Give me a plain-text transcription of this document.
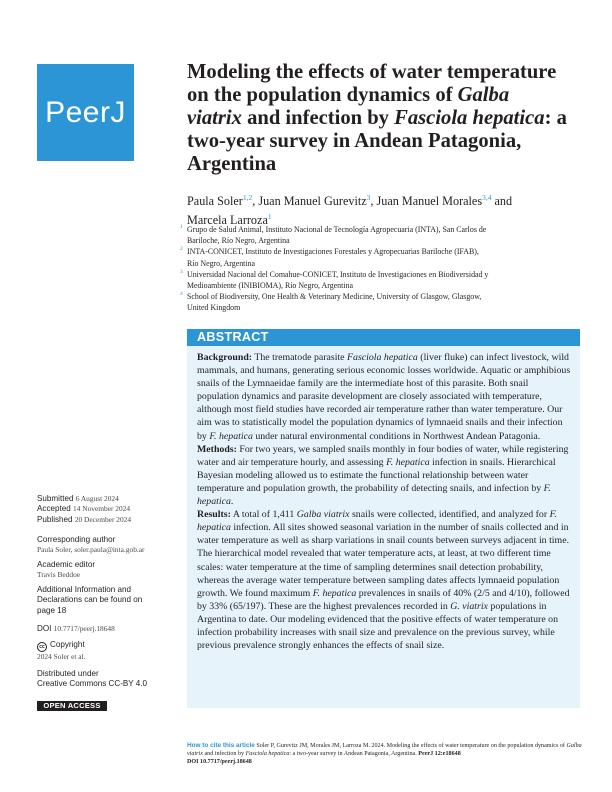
PeerJ
Modeling the effects of water temperature
on the population dynamics of Galba
viatrix and infection by Fasciola hepatica: a
two-year survey in Andean Patagonia,
Argentina
Paula Soler$^{1,2}$, Juan Manuel Gurevitz$^3$, Juan Manuel Morales$^{3,4}$ and
Marcela Larroza$^1$
1 Grupo de Salud Animal, Instituto Nacional de Tecnología Agropecuaria (INTA), San Carlos de
Bariloche, Río Negro, Argentina
2 INTA-CONICET, Instituto de Investigaciones Forestales y Agropecuarias Bariloche (IFAB),
Río Negro, Argentina
3 Universidad Nacional del Comahue-CONICET, Instituto de Investigaciones en Biodiversidad y
Medioambiente (INIBIOMA), Río Negro, Argentina
4 School of Biodiversity, One Health & Veterinary Medicine, University of Glasgow, Glasgow,
United Kingdom
ABSTRACT

Background: The trematode parasite Fasciola hepatica (liver fluke) can infect livestock, wild mammals, and humans, generating serious economic losses worldwide. Aquatic or amphibious snails of the Lymnaeidae family are the intermediate host of this parasite. Both snail population dynamics and parasite development are closely associated with temperature, although most field studies have recorded air temperature rather than water temperature. Our aim was to statistically model the population dynamics of lymnaeid snails and their infection by F. hepatica under natural environmental conditions in Northwest Andean Patagonia.

Methods: For two years, we sampled snails monthly in four bodies of water, while registering water and air temperature hourly, and assessing F. hepatica infection in snails. Hierarchical Bayesian modeling allowed us to estimate the functional relationship between water temperature and population growth, the probability of detecting snails, and infection by F. hepatica.

Results: A total of 1,411 Galba viatrix snails were collected, identified, and analyzed for F. hepatica infection. All sites showed seasonal variation in the number of snails collected and in water temperature as well as sharp variations in snail counts between surveys adjacent in time. The hierarchical model revealed that water temperature acts, at least, at two different time scales: water temperature at the time of sampling determines snail detection probability, whereas the average water temperature between sampling dates affects lymnaeid population growth. We found maximum F. hepatica prevalences in snails of 40% (2/5 and 4/10), followed by 33% (65/197). These are the highest prevalences recorded in G. viatrix populations in Argentina to date. Our modeling evidenced that the positive effects of water temperature on infection probability increases with snail size and prevalence on the previous survey, while previous prevalence strongly enhances the effects of snail size.

Submitted 6 August 2024
Accepted 14 November 2024
Published 20 December 2024
Corresponding author
Paula Soler, soler.paula@inta.gob.ar
Academic editor
Travis Beddoe
Additional Information and
Declarations can be found on
page 18
DOI 10.7717/peerj.18648
cc Copyright
2024 Soler et al.
Distributed under
Creative Commons CC-BY 4.0
OPEN ACCESS
How to cite this article Soler P, Gurevitz JM, Morales JM, Larroza M. 2024. Modeling the effects of water temperature on the population dynamics of Galba viatrix and infection by Fasciola hepatica: a two-year survey in Andean Patagonia, Argentina. PeerJ 12:e18648
DOI 10.7717/peerj.18648
